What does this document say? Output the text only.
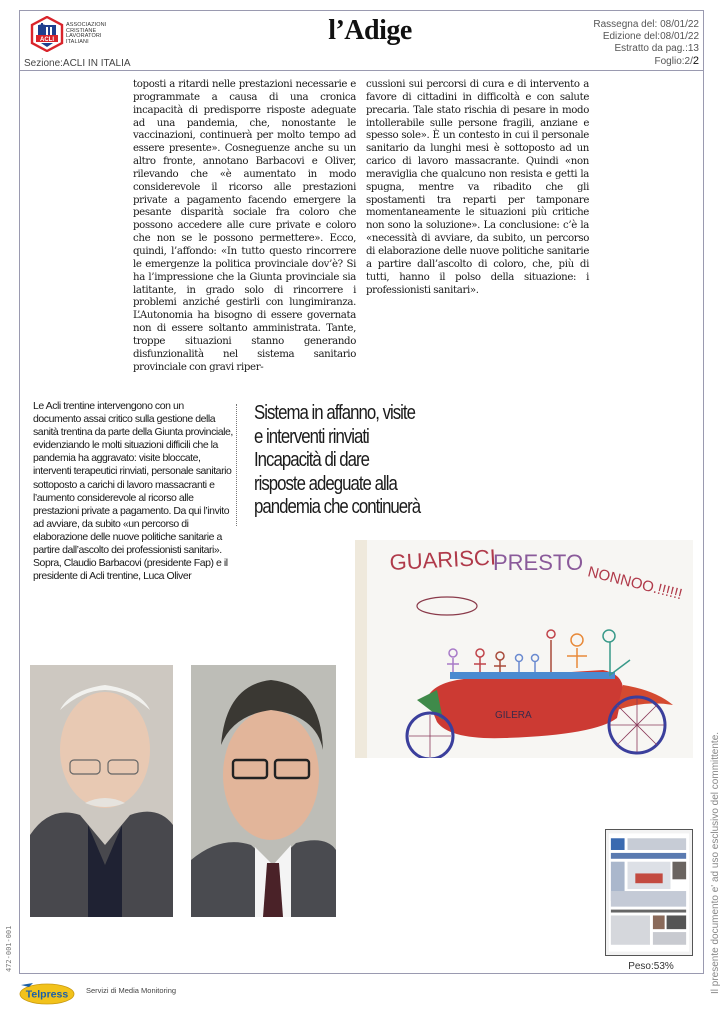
ACLI
ASSOCIAZIONI
CRISTIANE
LAVORATORI
ITALIANI
Sezione:ACLI IN ITALIA
l’Adige	Rassegna del: 08/01/22
Edizione del:08/01/22
Estratto da pag.:13
Foglio:2/2
toposti a ritardi nelle prestazioni necessarie e programmate a causa di una cronica incapacità di predisporre risposte adeguate ad una pandemia, che, nonostante le vaccinazioni, continuerà per molto tempo ad essere presente». Cosneguenze anche su un altro fronte, annotano Barbacovi e Oliver, rilevando che «è aumentato in modo considerevole il ricorso alle prestazioni private a pagamento facendo emergere la pesante disparità sociale fra coloro che possono accedere alle cure private e coloro che non se le possono permettere». Ecco, quindi, l’affondo: «In tutto questo rincorrere le emergenze la politica provinciale dov’è? Si ha l’impressione che la Giunta provinciale sia latitante, in grado solo di rincorrere i problemi anziché gestirli con lungimiranza. L’Autonomia ha bisogno di essere governata non di essere soltanto amministrata. Tante, troppe situazioni stanno generando disfunzionalità nel sistema sanitario provinciale con gravi riper-
cussioni sui percorsi di cura e di intervento a favore di cittadini in difficoltà e con salute precaria. Tale stato rischia di pesare in modo intollerabile sulle persone fragili, anziane e spesso sole». È un contesto in cui il personale sanitario da lunghi mesi è sottoposto ad un carico di lavoro massacrante. Quindi «non meraviglia che qualcuno non resista e getti la spugna, mentre va ribadito che gli spostamenti tra reparti per tamponare momentaneamente le situazioni più critiche non sono la soluzione». La conclusione: c’è la «necessità di avviare, da subito, un percorso di elaborazione delle nuove politiche sanitarie a partire dall’ascolto di coloro, che, più di tutti, hanno il polso della situazione: i professionisti sanitari».
Le Acli trentine intervengono con un documento assai critico sulla gestione della sanità trentina da parte della Giunta provinciale, evidenziando le molti situazioni difficili che la pandemia ha aggravato: visite bloccate, interventi terapeutici rinviati, personale sanitario sottoposto a carichi di lavoro massacranti e l’aumento considerevole al ricorso alle prestazioni private a pagamento. Da qui l’invito ad avviare, da subito «un percorso di elaborazione delle nuove politiche sanitarie a partire dall’ascolto dei professionisti sanitari».
Sopra, Claudio Barbacovi (presidente Fap) e il presidente di Acli trentine, Luca Oliver
Sistema in affanno, visite
e interventi rinviati
Incapacità di dare
risposte adeguate alla
pandemia che continuerà
GUARISCI
PRESTO
NONNOO.!!!!!!
GILERA
Peso:53%	Il presente documento e' ad uso esclusivo del committente.
472-001-001
Telpress Servizi di Media Monitoring
